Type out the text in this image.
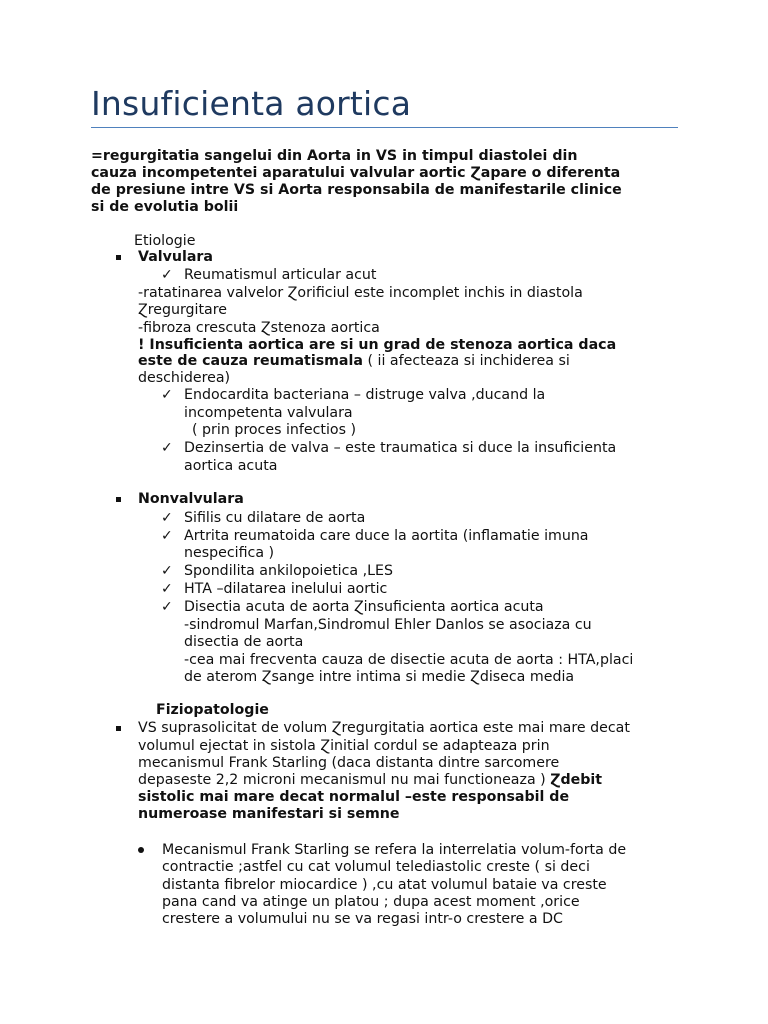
Insuficienta aortica
=regurgitatia sangelui din Aorta in VS in timpul diastolei din
cauza incompetentei aparatului valvular aortic Ɀapare o diferenta
de presiune intre VS si Aorta responsabila de manifestarile clinice
si de evolutia bolii
Etiologie
Valvulara
✓ Reumatismul articular acut
-ratatinarea valvelor Ɀorificiul este incomplet inchis in diastola
Ɀregurgitare
-fibroza crescuta Ɀstenoza aortica
! Insuficienta aortica are si un grad de stenoza aortica daca
este de cauza reumatismala ( ii afecteaza si inchiderea si
deschiderea)
✓ Endocardita bacteriana – distruge valva ,ducand la
incompetenta valvulara
( prin proces infectios )
✓ Dezinsertia de valva – este traumatica si duce la insuficienta
aortica acuta
Nonvalvulara
✓ Sifilis cu dilatare de aorta
✓ Artrita reumatoida care duce la aortita (inflamatie imuna
nespecifica )
✓ Spondilita ankilopoietica ,LES
✓ HTA –dilatarea inelului aortic
✓ Disectia acuta de aorta Ɀinsuficienta aortica acuta
-sindromul Marfan,Sindromul Ehler Danlos se asociaza cu
disectia de aorta
-cea mai frecventa cauza de disectie acuta de aorta : HTA,placi
de aterom Ɀsange intre intima si medie Ɀdiseca media
Fiziopatologie
VS suprasolicitat de volum Ɀregurgitatia aortica este mai mare decat
volumul ejectat in sistola Ɀinitial cordul se adapteaza prin
mecanismul Frank Starling (daca distanta dintre sarcomere
depaseste 2,2 microni mecanismul nu mai functioneaza ) Ɀdebit
sistolic mai mare decat normalul –este responsabil de
numeroase manifestari si semne
Mecanismul Frank Starling se refera la interrelatia volum-forta de
contractie ;astfel cu cat volumul telediastolic creste ( si deci
distanta fibrelor miocardice ) ,cu atat volumul bataie va creste
pana cand va atinge un platou ; dupa acest moment ,orice
crestere a volumului nu se va regasi intr-o crestere a DC
